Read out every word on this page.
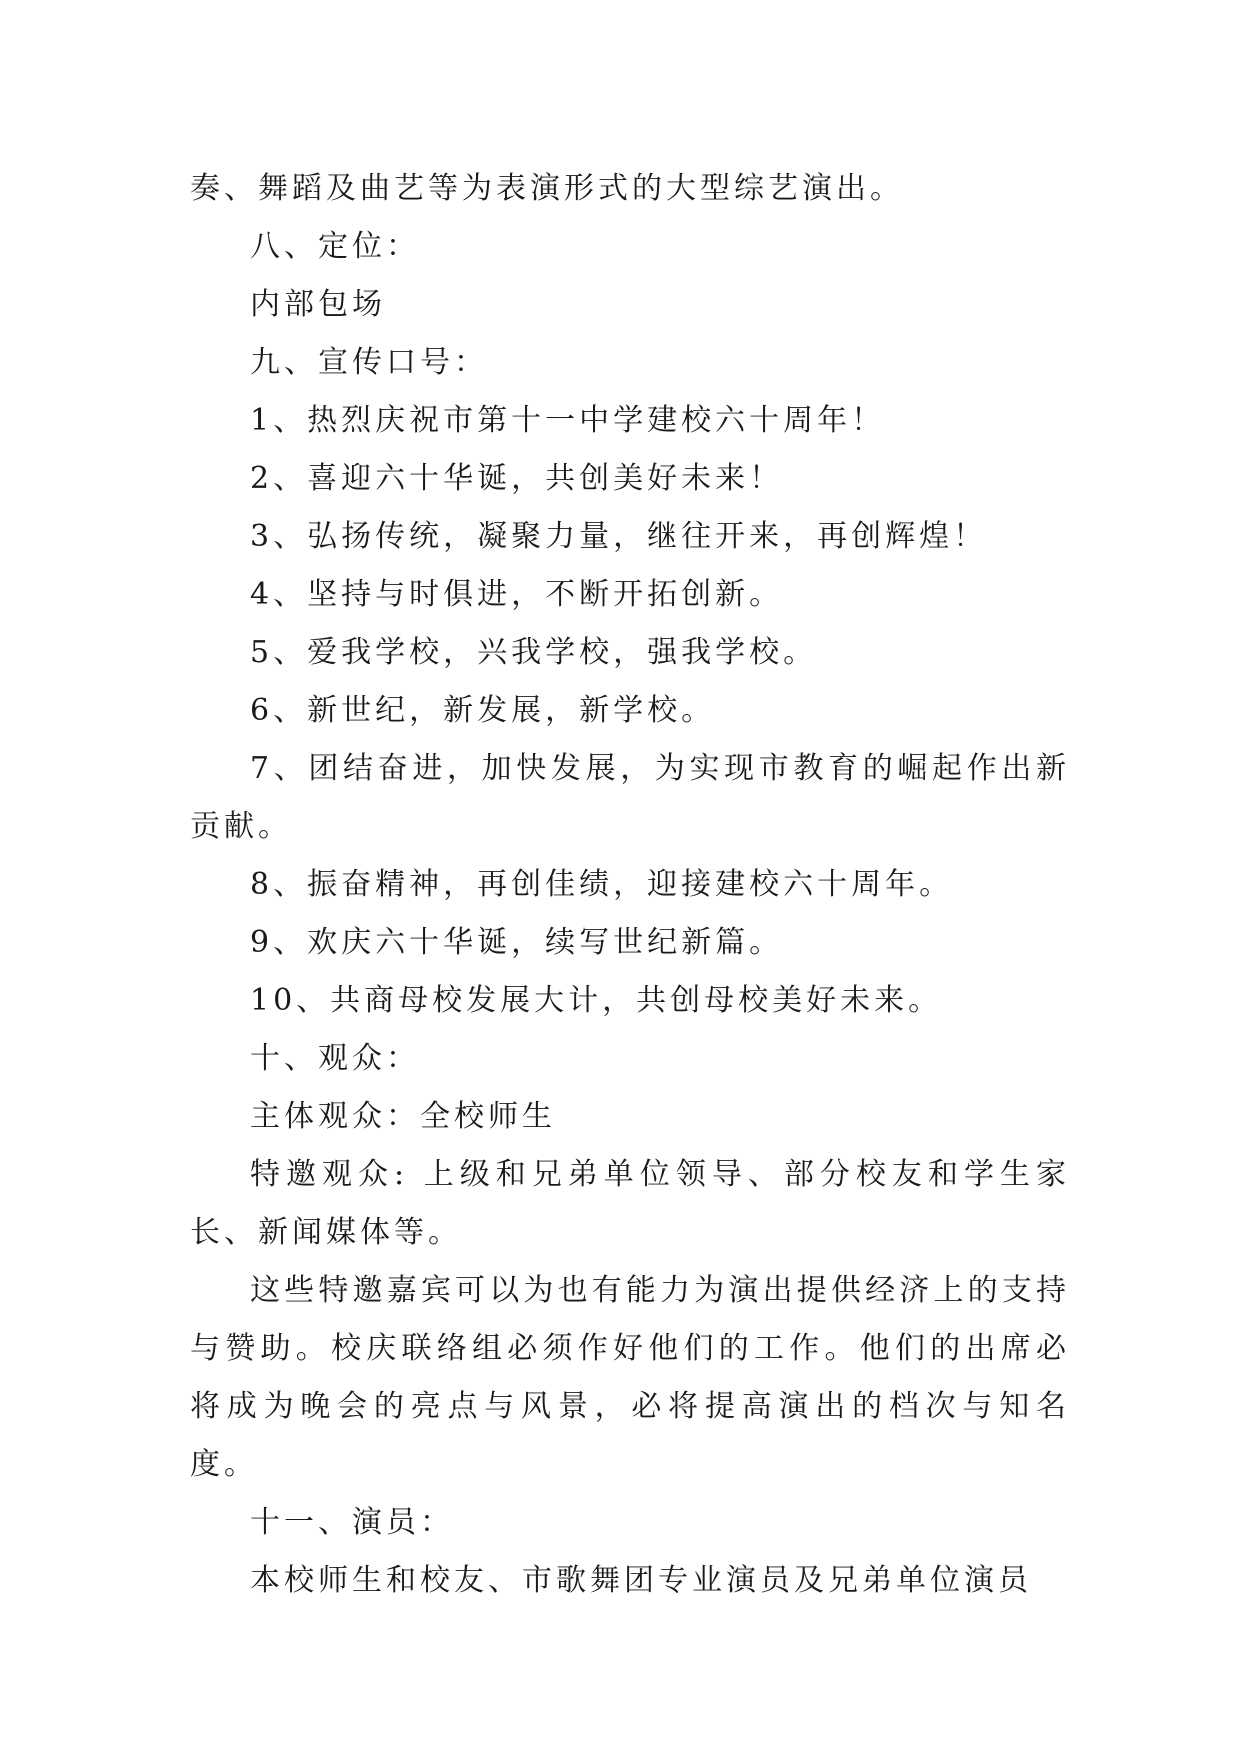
奏、舞蹈及曲艺等为表演形式的大型综艺演出。

八、定位：

内部包场

九、宣传口号：

1、热烈庆祝市第十一中学建校六十周年！

2、喜迎六十华诞，共创美好未来！

3、弘扬传统，凝聚力量，继往开来，再创辉煌！

4、坚持与时俱进，不断开拓创新。

5、爱我学校，兴我学校，强我学校。

6、新世纪，新发展，新学校。

7、团结奋进，加快发展，为实现市教育的崛起作出新贡献。

8、振奋精神，再创佳绩，迎接建校六十周年。

9、欢庆六十华诞，续写世纪新篇。

10、共商母校发展大计，共创母校美好未来。

十、观众：

主体观众：全校师生

特邀观众: 上级和兄弟单位领导、部分校友和学生家长、新闻媒体等。

这些特邀嘉宾可以为也有能力为演出提供经济上的支持与赞助。校庆联络组必须作好他们的工作。他们的出席必将成为晚会的亮点与风景，必将提高演出的档次与知名度。

十一、演员：

本校师生和校友、市歌舞团专业演员及兄弟单位演员
